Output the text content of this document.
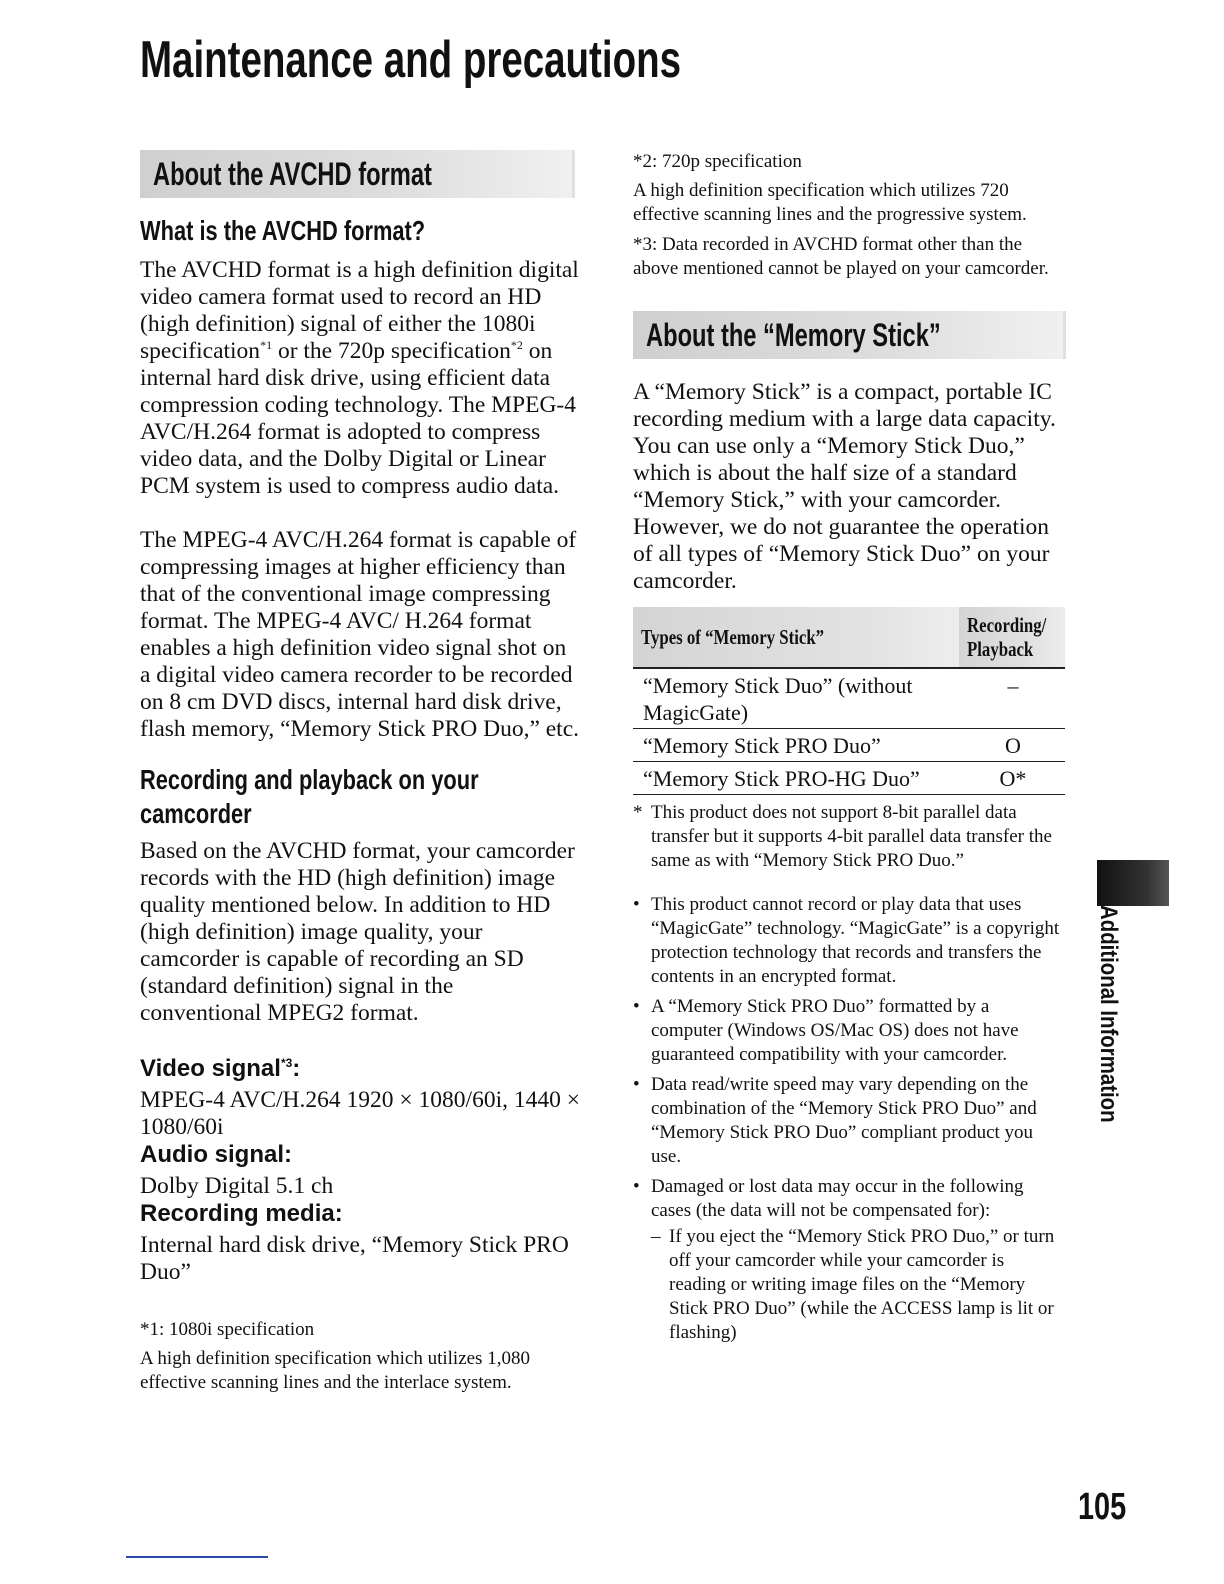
Maintenance and precautions
About the AVCHD format
What is the AVCHD format?

The AVCHD format is a high definition digital video camera format used to record an HD (high definition) signal of either the 1080i specification$^{*1}$ or the 720p specification$^{*2}$ on internal hard disk drive, using efficient data compression coding technology. The MPEG-4 AVC/H.264 format is adopted to compress video data, and the Dolby Digital or Linear PCM system is used to compress audio data.

The MPEG-4 AVC/H.264 format is capable of compressing images at higher efficiency than that of the conventional image compressing format. The MPEG-4 AVC/ H.264 format enables a high definition video signal shot on a digital video camera recorder to be recorded on 8 cm DVD discs, internal hard disk drive, flash memory, “Memory Stick PRO Duo,” etc.

Recording and playback on your camcorder

Based on the AVCHD format, your camcorder records with the HD (high definition) image quality mentioned below. In addition to HD (high definition) image quality, your camcorder is capable of recording an SD (standard definition) signal in the conventional MPEG2 format.

Video signal$^{*3}$:

MPEG-4 AVC/H.264 1920 × 1080/60i, 1440 × 1080/60i

Audio signal:

Dolby Digital 5.1 ch

Recording media:

Internal hard disk drive, “Memory Stick PRO Duo”

*1: 1080i specification

A high definition specification which utilizes 1,080 effective scanning lines and the interlace system.

*2: 720p specification

A high definition specification which utilizes 720 effective scanning lines and the progressive system.

*3: Data recorded in AVCHD format other than the above mentioned cannot be played on your camcorder.

About the “Memory Stick”

A “Memory Stick” is a compact, portable IC recording medium with a large data capacity. You can use only a “Memory Stick Duo,” which is about the half size of a standard “Memory Stick,” with your camcorder. However, we do not guarantee the operation of all types of “Memory Stick Duo” on your camcorder.

Types of “Memory Stick”	Recording/ Playback
“Memory Stick Duo” (without MagicGate)	–
“Memory Stick PRO Duo”	O
“Memory Stick PRO-HG Duo”	O*

* This product does not support 8-bit parallel data transfer but it supports 4-bit parallel data transfer the same as with “Memory Stick PRO Duo.”

• This product cannot record or play data that uses “MagicGate” technology. “MagicGate” is a copyright protection technology that records and transfers the contents in an encrypted format.
• A “Memory Stick PRO Duo” formatted by a computer (Windows OS/Mac OS) does not have guaranteed compatibility with your camcorder.
• Data read/write speed may vary depending on the combination of the “Memory Stick PRO Duo” and “Memory Stick PRO Duo” compliant product you use.
• Damaged or lost data may occur in the following cases (the data will not be compensated for):

– If you eject the “Memory Stick PRO Duo,” or turn off your camcorder while your camcorder is reading or writing image files on the “Memory Stick PRO Duo” (while the ACCESS lamp is lit or flashing)

Additional Information
105
